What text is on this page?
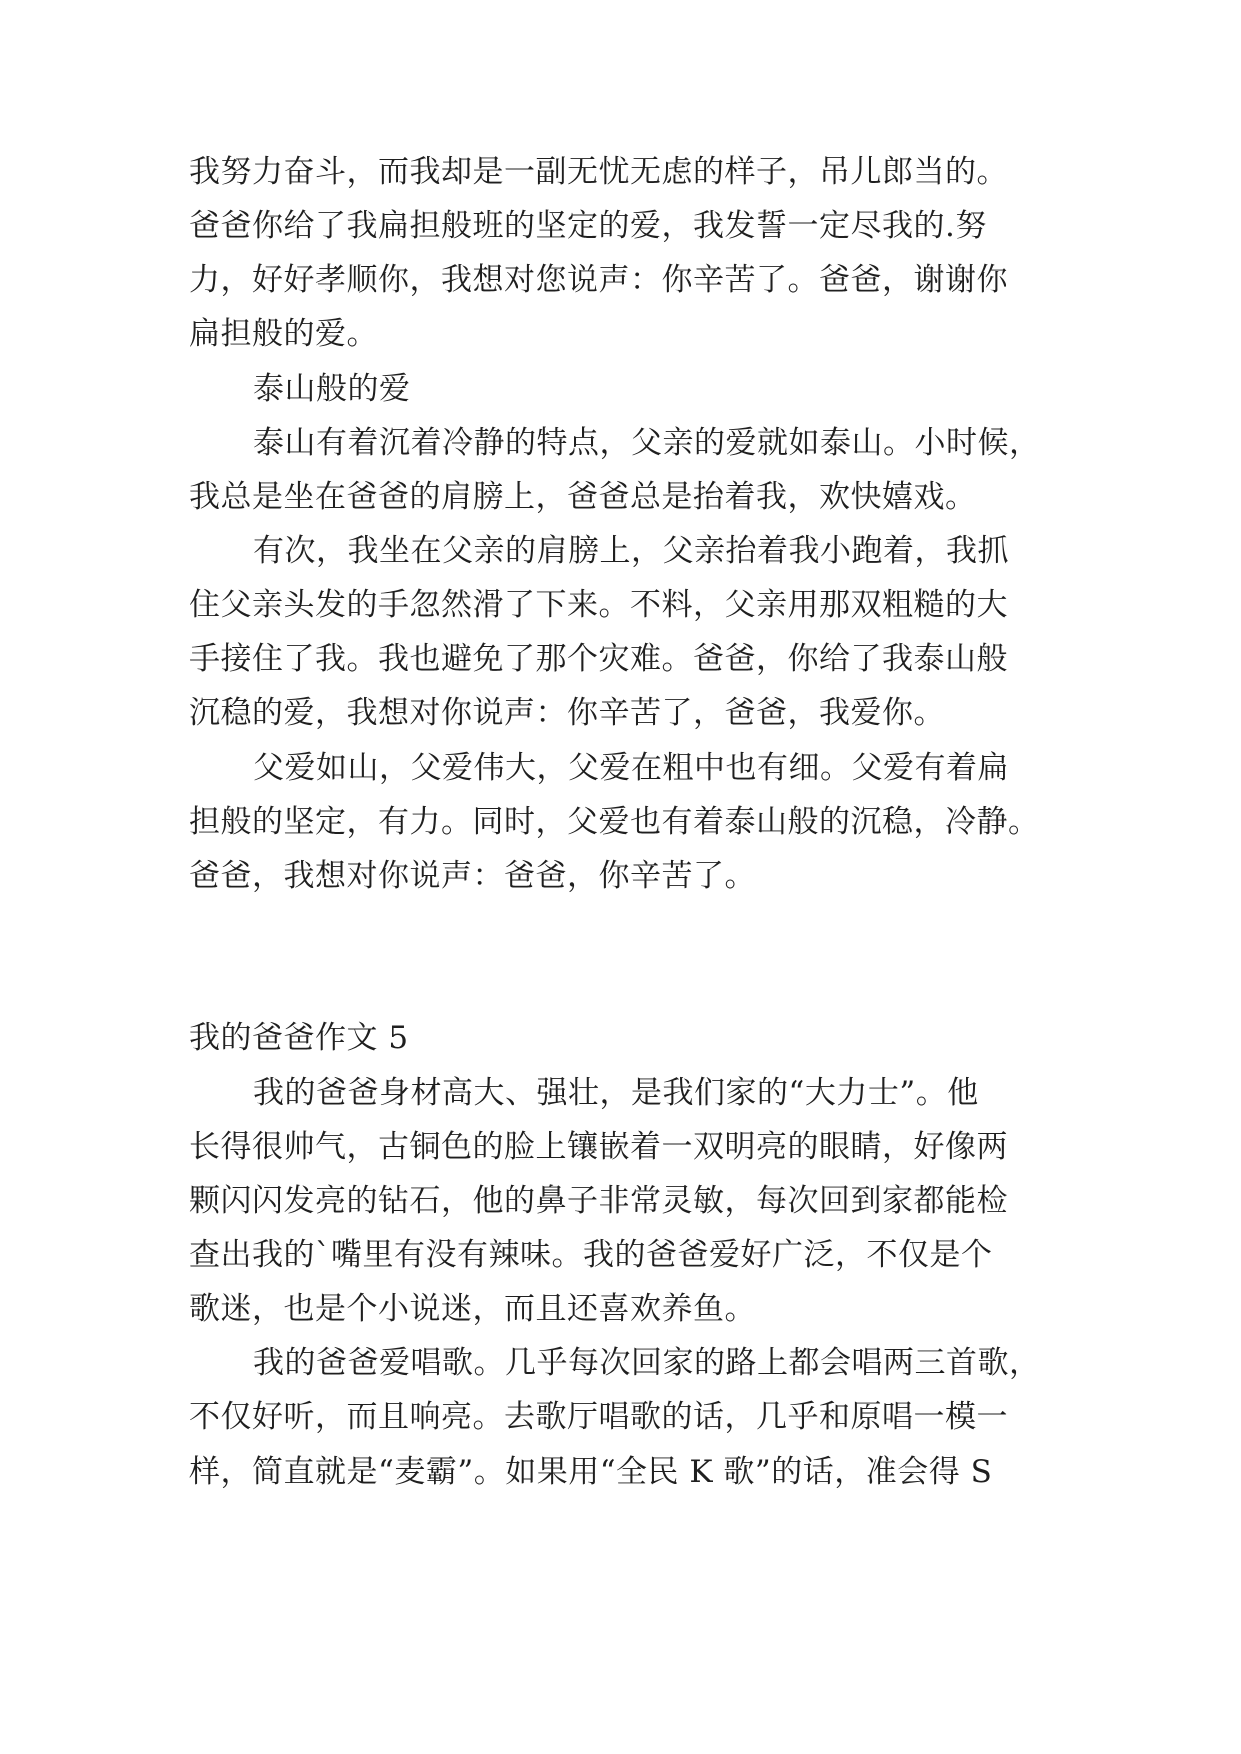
我努力奋斗，而我却是一副无忧无虑的样子，吊儿郎当的。
爸爸你给了我扁担般班的坚定的爱，我发誓一定尽我的.努
力，好好孝顺你，我想对您说声：你辛苦了。爸爸，谢谢你
扁担般的爱。
泰山般的爱
泰山有着沉着冷静的特点，父亲的爱就如泰山。小时候，
我总是坐在爸爸的肩膀上，爸爸总是抬着我，欢快嬉戏。
有次，我坐在父亲的肩膀上，父亲抬着我小跑着，我抓
住父亲头发的手忽然滑了下来。不料，父亲用那双粗糙的大
手接住了我。我也避免了那个灾难。爸爸，你给了我泰山般
沉稳的爱，我想对你说声：你辛苦了，爸爸，我爱你。
父爱如山，父爱伟大，父爱在粗中也有细。父爱有着扁
担般的坚定，有力。同时，父爱也有着泰山般的沉稳，冷静。
爸爸，我想对你说声：爸爸，你辛苦了。
我的爸爸作文 5
我的爸爸身材高大、强壮，是我们家的“大力士”。他
长得很帅气，古铜色的脸上镶嵌着一双明亮的眼睛，好像两
颗闪闪发亮的钻石，他的鼻子非常灵敏，每次回到家都能检
查出我的`嘴里有没有辣味。我的爸爸爱好广泛，不仅是个
歌迷，也是个小说迷，而且还喜欢养鱼。
我的爸爸爱唱歌。几乎每次回家的路上都会唱两三首歌，
不仅好听，而且响亮。去歌厅唱歌的话，几乎和原唱一模一
样，简直就是“麦霸”。如果用“全民 K 歌”的话，准会得 S
